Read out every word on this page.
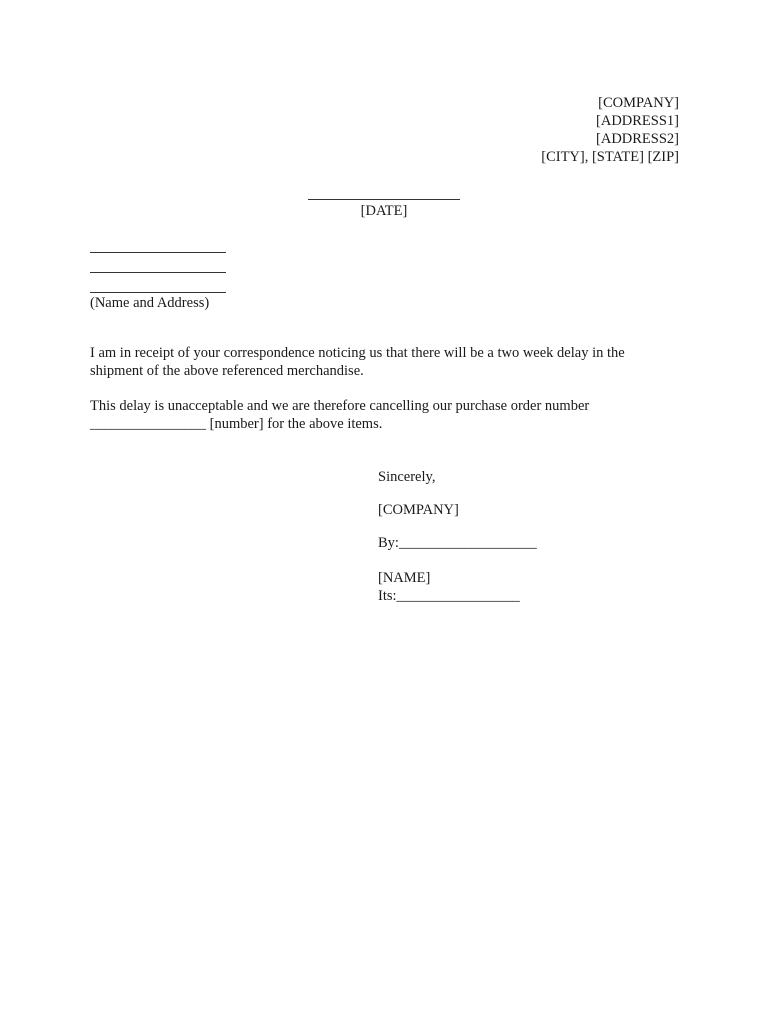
[COMPANY]
[ADDRESS1]
[ADDRESS2]
[CITY], [STATE] [ZIP]
[DATE]
(Name and Address)
I am in receipt of your correspondence noticing us that there will be a two week delay in the
shipment of the above referenced merchandise.
This delay is unacceptable and we are therefore cancelling our purchase order number
________________ [number] for the above items.
Sincerely,
[COMPANY]
By:___________________
[NAME]
Its:_________________
